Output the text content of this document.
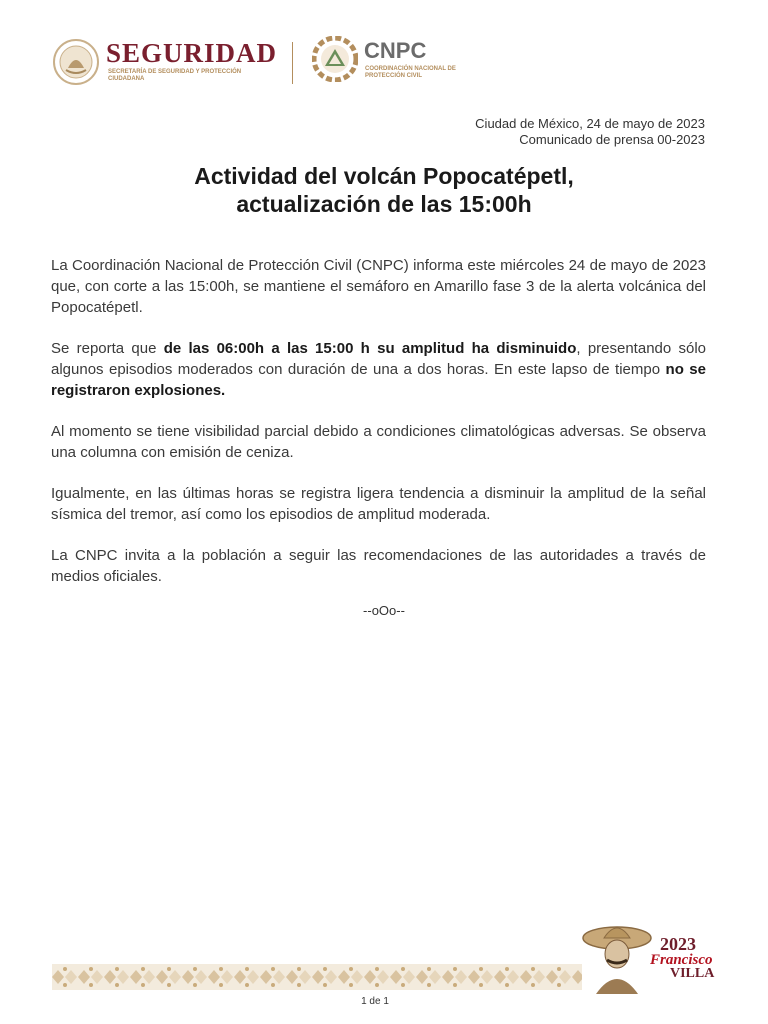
SEGURIDAD
SECRETARÍA DE SEGURIDAD Y PROTECCIÓN CIUDADANA
CNPC
COORDINACIÓN NACIONAL DE PROTECCIÓN CIVIL
Ciudad de México, 24 de mayo de 2023
Comunicado de prensa 00-2023
Actividad del volcán Popocatépetl,
actualización de las 15:00h

La Coordinación Nacional de Protección Civil (CNPC) informa este miércoles 24 de mayo de 2023 que, con corte a las 15:00h, se mantiene el semáforo en Amarillo fase 3 de la alerta volcánica del Popocatépetl.

Se reporta que de las 06:00h a las 15:00 h su amplitud ha disminuido, presentando sólo algunos episodios moderados con duración de una a dos horas. En este lapso de tiempo no se registraron explosiones.

Al momento se tiene visibilidad parcial debido a condiciones climatológicas adversas. Se observa una columna con emisión de ceniza.

Igualmente, en las últimas horas se registra ligera tendencia a disminuir la amplitud de la señal sísmica del tremor, así como los episodios de amplitud moderada.

La CNPC invita a la población a seguir las recomendaciones de las autoridades a través de medios oficiales.

--oOo--
2023
Francisco
VILLA
1 de 1
